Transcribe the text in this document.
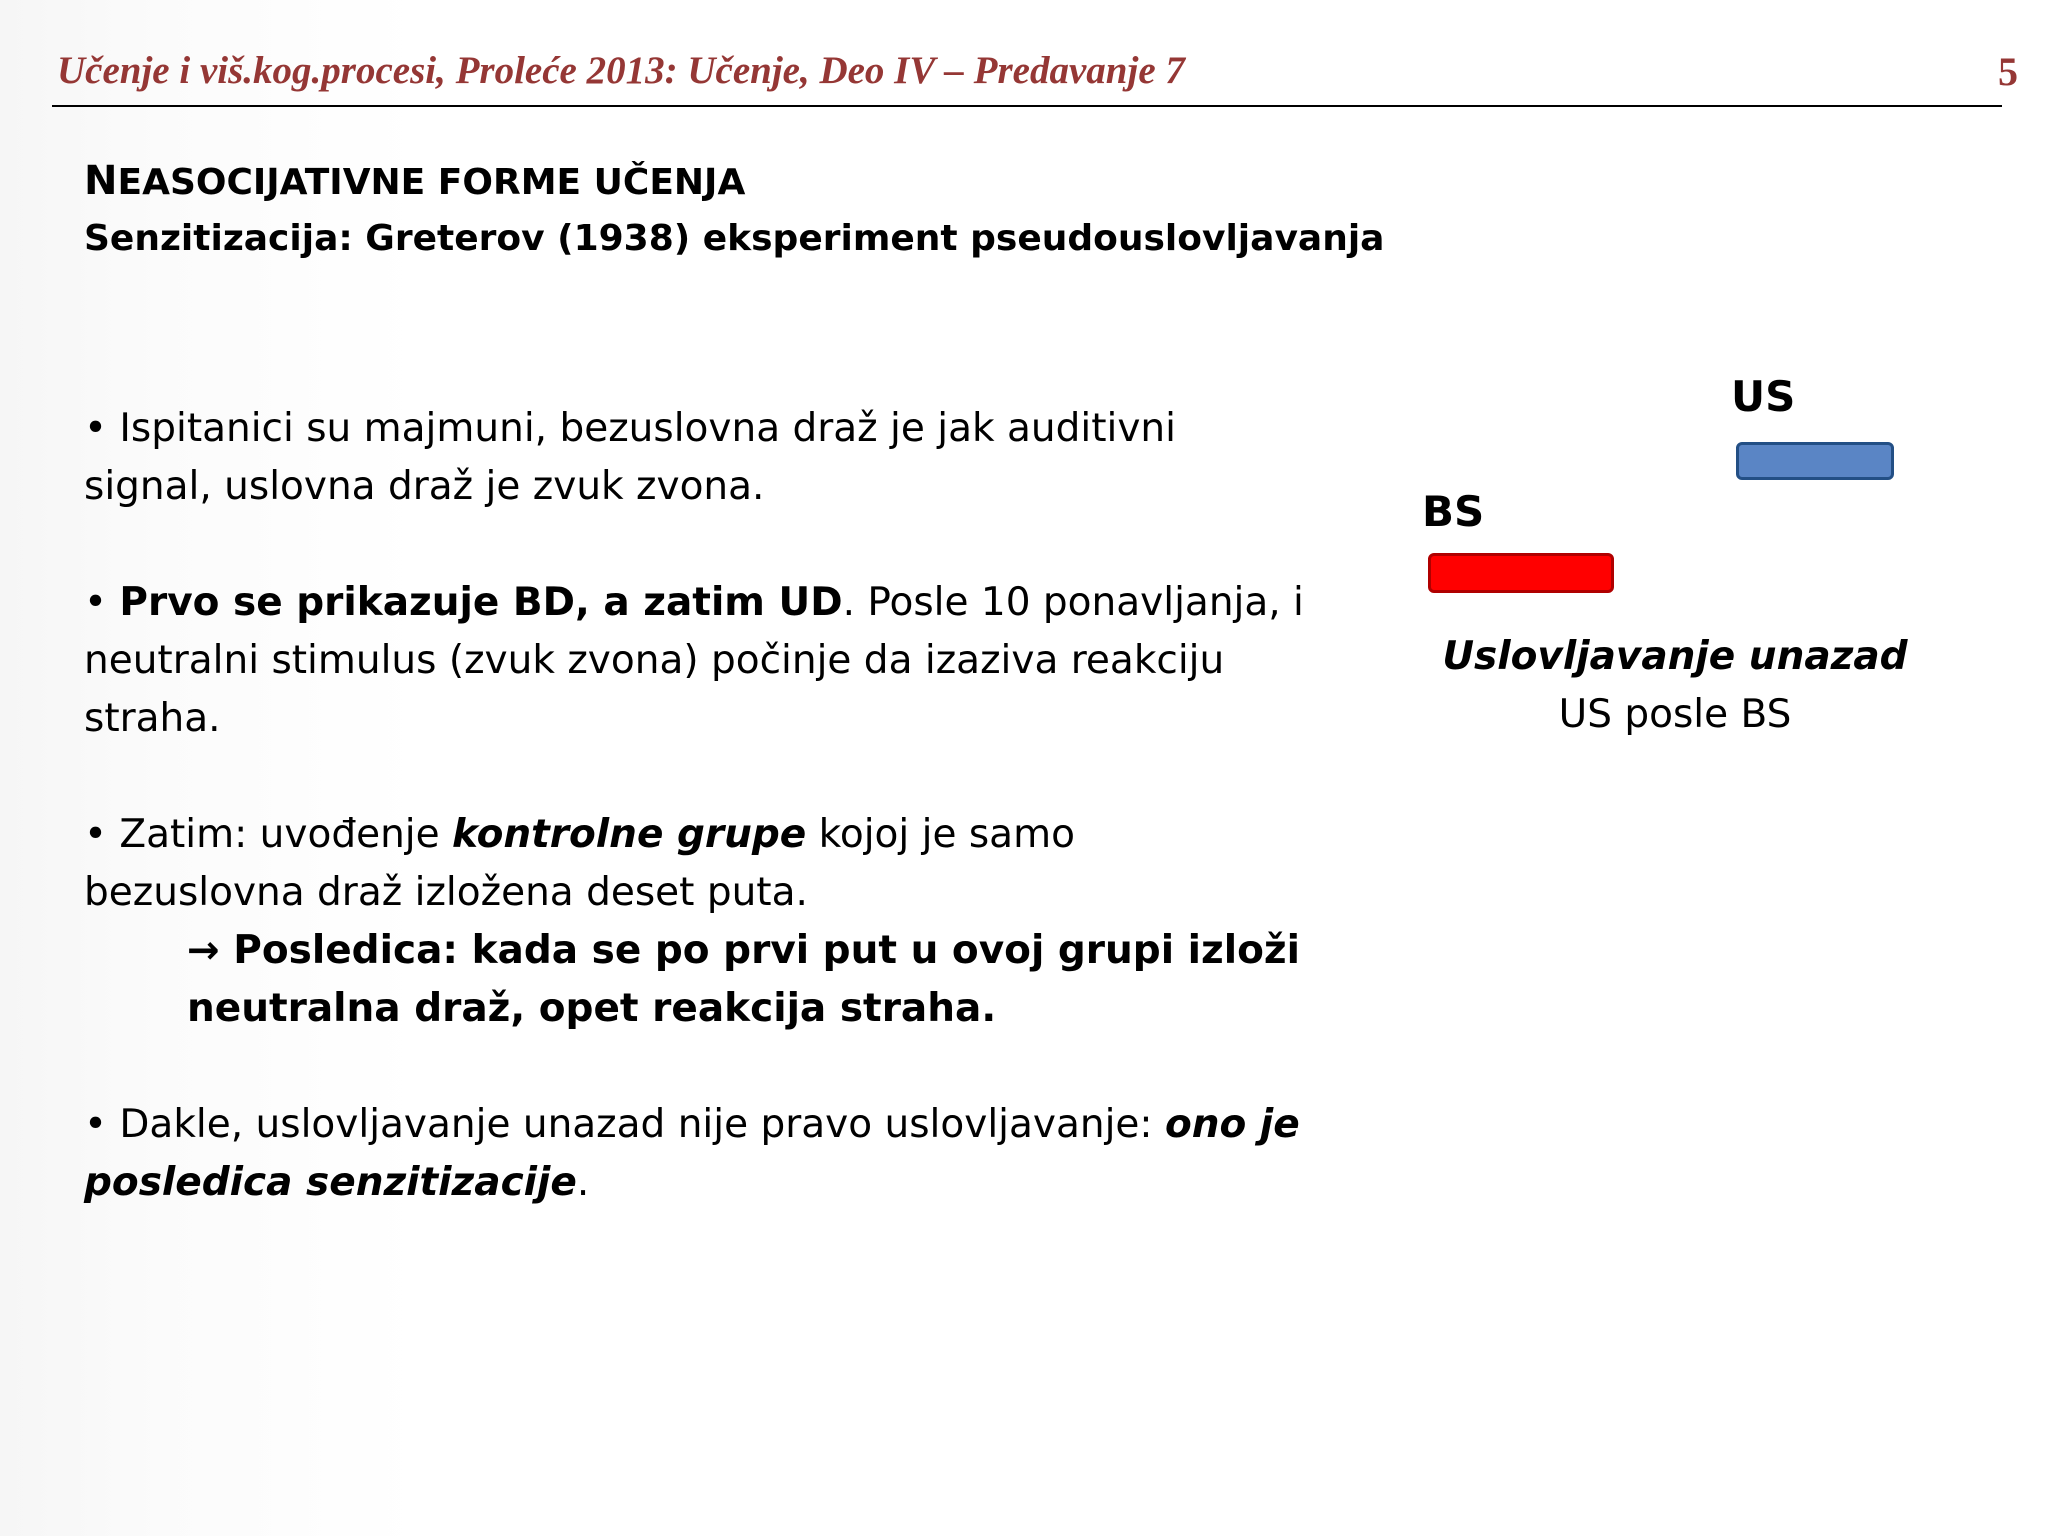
Učenje i viš.kog.procesi, Proleće 2013: Učenje, Deo IV – Predavanje 7	5
NEASOCIJATIVNE FORME UČENJA
Senzitizacija: Greterov (1938) eksperiment pseudouslovljavanja

• Ispitanici su majmuni, bezuslovna draž je jak auditivni signal, uslovna draž je zvuk zvona.

• Prvo se prikazuje BD, a zatim UD. Posle 10 ponavljanja, i neutralni stimulus (zvuk zvona) počinje da izaziva reakciju straha.

• Zatim: uvođenje kontrolne grupe kojoj je samo bezuslovna draž izložena deset puta.

→ Posledica: kada se po prvi put u ovoj grupi izloži neutralna draž, opet reakcija straha.

• Dakle, uslovljavanje unazad nije pravo uslovljavanje: ono je posledica senzitizacije.

US
BS
Uslovljavanje unazad
US posle BS
